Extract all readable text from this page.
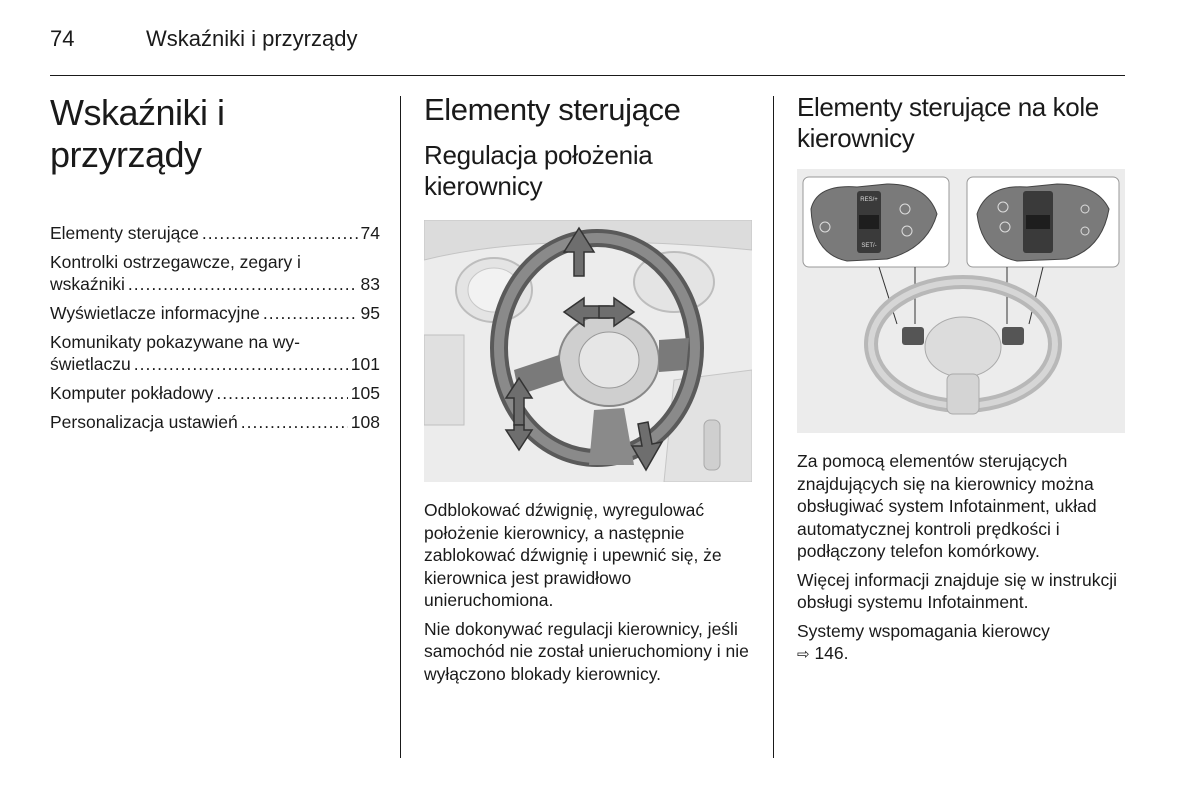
74	Wskaźniki i przyrządy
Wskaźniki i przyrządy
Elementy sterujące .....	74
Kontrolki ostrzegawcze, zegary i
wskaźniki .....	83
Wyświetlacze informacyjne .....	95
Komunikaty pokazywane na wy-
świetlaczu .....	101
Komputer pokładowy .....	105
Personalizacja ustawień .....	108
Elementy sterujące
Regulacja położenia kierownicy

Odblokować dźwignię, wyregulować położenie kierownicy, a następnie zablokować dźwignię i upewnić się, że kierownica jest prawidłowo unieruchomiona.

Nie dokonywać regulacji kierownicy, jeśli samochód nie został unieruchomiony i nie wyłączono blokady kierownicy.

Elementy sterujące na kole kierownicy
RES/+
SET/-

Za pomocą elementów sterujących znajdujących się na kierownicy można obsługiwać system Infotainment, układ automatycznej kontroli prędkości i podłączony telefon komórkowy.

Więcej informacji znajduje się w instrukcji obsługi systemu Infotainment.

Systemy wspomagania kierowcy
⇨ 146.
